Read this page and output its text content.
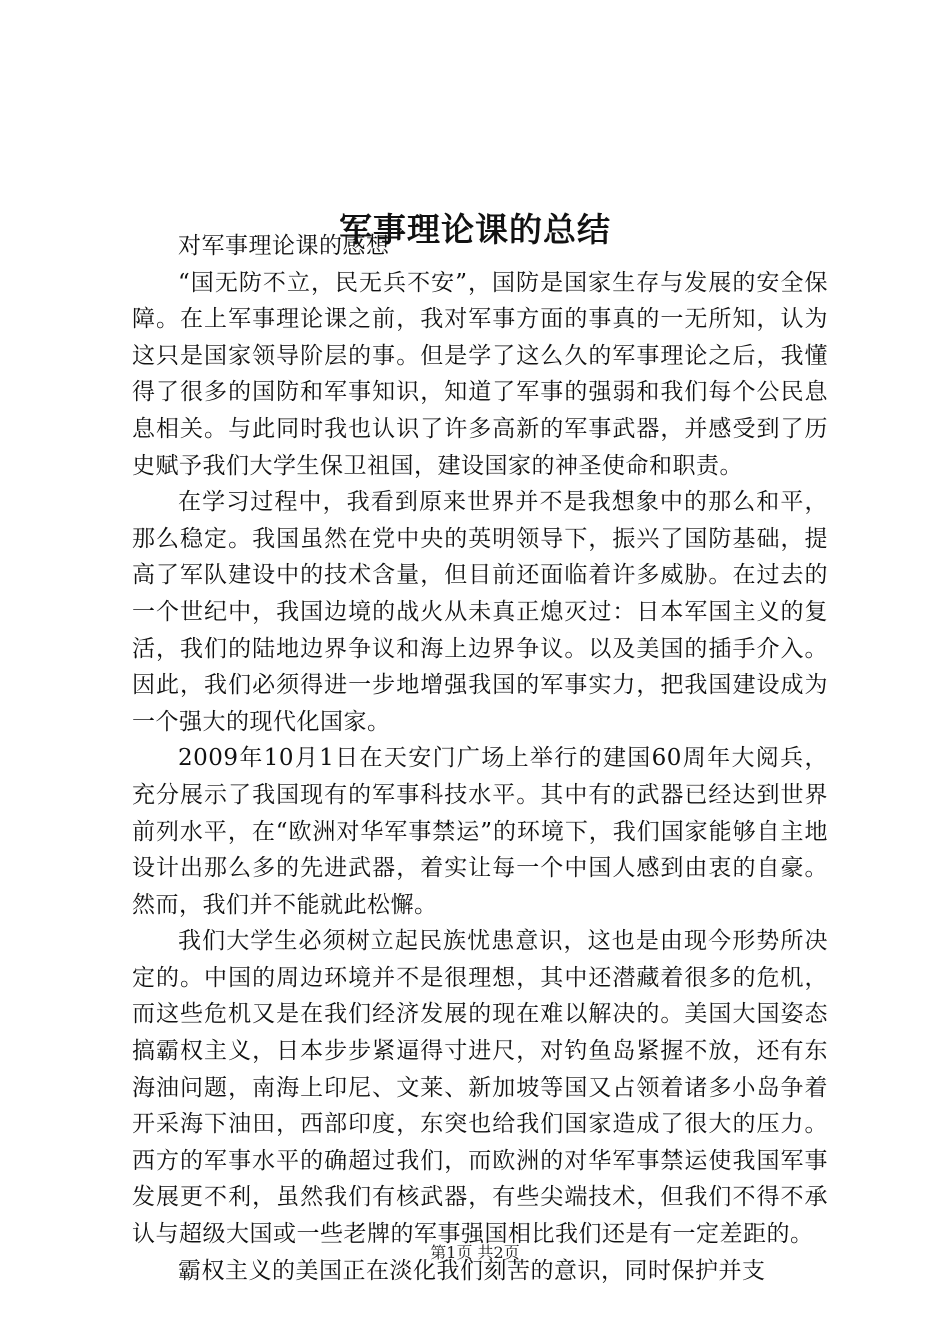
军事理论课的总结

对军事理论课的感想

“国无防不立，民无兵不安”，国防是国家生存与发展的安全保障。在上军事理论课之前，我对军事方面的事真的一无所知，认为这只是国家领导阶层的事。但是学了这么久的军事理论之后，我懂得了很多的国防和军事知识，知道了军事的强弱和我们每个公民息息相关。与此同时我也认识了许多高新的军事武器，并感受到了历史赋予我们大学生保卫祖国，建设国家的神圣使命和职责。

在学习过程中，我看到原来世界并不是我想象中的那么和平，那么稳定。我国虽然在党中央的英明领导下，振兴了国防基础，提高了军队建设中的技术含量，但目前还面临着许多威胁。在过去的一个世纪中，我国边境的战火从未真正熄灭过：日本军国主义的复活，我们的陆地边界争议和海上边界争议。以及美国的插手介入。因此，我们必须得进一步地增强我国的军事实力，把我国建设成为一个强大的现代化国家。

2009年10月1日在天安门广场上举行的建国60周年大阅兵，充分展示了我国现有的军事科技水平。其中有的武器已经达到世界前列水平，在“欧洲对华军事禁运”的环境下，我们国家能够自主地设计出那么多的先进武器，着实让每一个中国人感到由衷的自豪。然而，我们并不能就此松懈。

我们大学生必须树立起民族忧患意识，这也是由现今形势所决定的。中国的周边环境并不是很理想，其中还潜藏着很多的危机，而这些危机又是在我们经济发展的现在难以解决的。美国大国姿态搞霸权主义，日本步步紧逼得寸进尺，对钓鱼岛紧握不放，还有东海油问题，南海上印尼、文莱、新加坡等国又占领着诸多小岛争着开采海下油田，西部印度，东突也给我们国家造成了很大的压力。西方的军事水平的确超过我们，而欧洲的对华军事禁运使我国军事发展更不利，虽然我们有核武器，有些尖端技术，但我们不得不承认与超级大国或一些老牌的军事强国相比我们还是有一定差距的。

霸权主义的美国正在淡化我们刻苦的意识，同时保护并支

第1页 共2页
